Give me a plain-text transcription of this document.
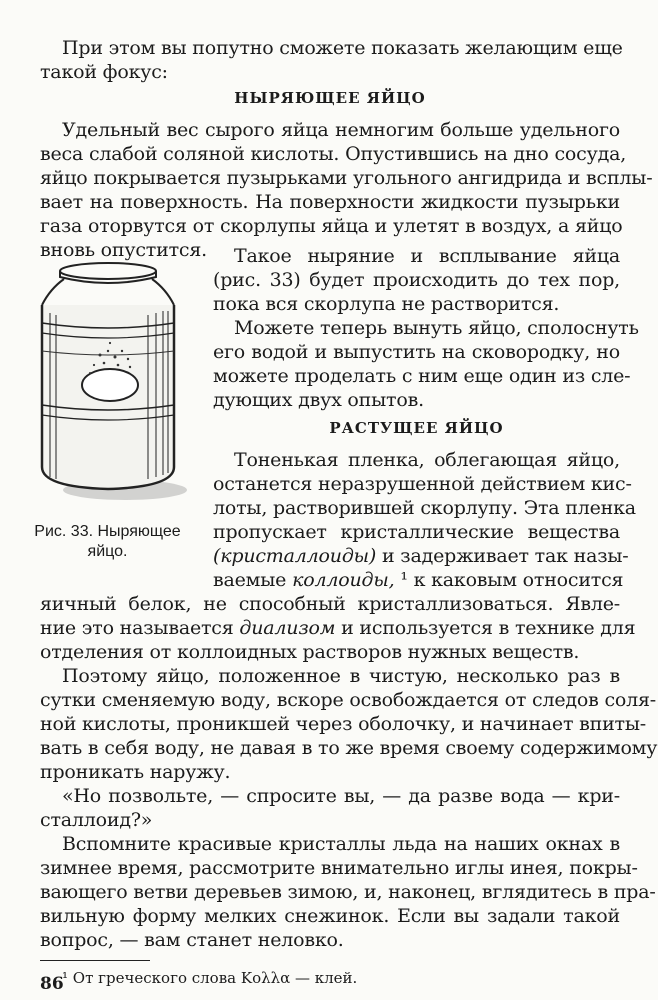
При этом вы попутно сможете показать желающим еще
такой фокус:
НЫРЯЮЩЕЕ ЯЙЦО
Удельный вес сырого яйца немногим больше удельного
веса слабой соляной кислоты. Опустившись на дно сосуда,
яйцо покрывается пузырьками угольного ангидрида и всплы-
вает на поверхность. На поверхности жидкости пузырьки
газа оторвутся от скорлупы яйца и улетят в воздух, а яйцо
вновь опустится.
Рис. 33. Ныряющее
яйцо.
Такое ныряние и всплывание яйца
(рис. 33) будет происходить до тех пор,
пока вся скорлупа не растворится.
Можете теперь вынуть яйцо, сполоснуть
его водой и выпустить на сковородку, но
можете проделать с ним еще один из сле-
дующих двух опытов.
РАСТУЩЕЕ ЯЙЦО
Тоненькая пленка, облегающая яйцо,
останется неразрушенной действием кис-
лоты, растворившей скорлупу. Эта пленка
пропускает кристаллические вещества
(кристаллоиды) и задерживает так назы-
ваемые коллоиды, ¹ к каковым относится
яичный белок, не способный кристаллизоваться. Явле-
ние это называется диализом и используется в технике для
отделения от коллоидных растворов нужных веществ.
Поэтому яйцо, положенное в чистую, несколько раз в
сутки сменяемую воду, вскоре освобождается от следов соля-
ной кислоты, проникшей через оболочку, и начинает впиты-
вать в себя воду, не давая в то же время своему содержимому
проникать наружу.
«Но позвольте, — спросите вы, — да разве вода — кри-
сталлоид?»
Вспомните красивые кристаллы льда на наших окнах в
зимнее время, рассмотрите внимательно иглы инея, покры-
вающего ветви деревьев зимою, и, наконец, вглядитесь в пра-
вильную форму мелких снежинок. Если вы задали такой
вопрос, — вам станет неловко.
¹ От греческого слова Κολλα — клей.
86
